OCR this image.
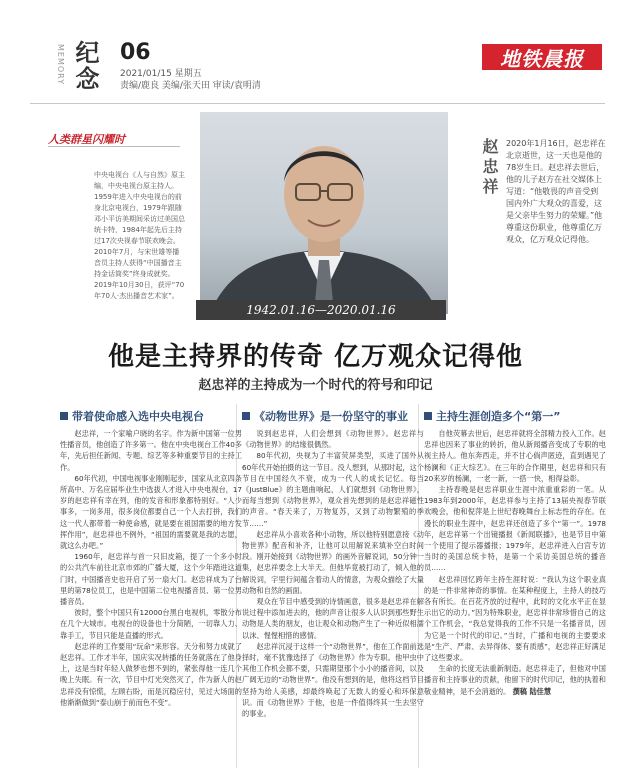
MEMORY 纪念 06
2021/01/15 星期五
责编/鹿良 美编/张天田 审读/袁明清
地铁晨报
人类群星闪耀时
中央电视台《人与自然》原主编，中央电视台原主持人。1959年进入中央电视台的前身北京电视台，1979年跟随邓小平访美期间采访过美国总统卡特，1984年起先后主持过17次央视春节联欢晚会。2010年7月，与宋世雄等播音员主持人获得“中国播音主持金话筒奖”终身成就奖。2019年10月30日，获评“70年70人·杰出播音艺术家”。
1942.01.16—2020.01.16
赵忠祥 2020年1月16日，赵忠祥在北京逝世，这一天也是他的78岁生日。赵忠祥去世后，他的儿子赵方在社交媒体上写道：“他敬畏的声音受到国内外广大观众的喜爱，这是父亲毕生努力的荣耀。”他尊重这份职业，他尊重亿万观众，亿万观众记得他。
他是主持界的传奇 亿万观众记得他
赵忠祥的主持成为一个时代的符号和印记
带着使命感入选中央电视台

赵忠祥，一个家喻户晓的名字。作为新中国第一位男性播音员，他创造了许多第一。他在中央电视台工作40多年，先后担任新闻、专题、综艺等多种重要节目的主持工作。

60年代初，中国电视事业刚刚起步，国家从北京四条所高中、万名应届毕业生中选拔人才进入中央电视台，17岁的赵忠祥有幸在列，他的发音和形象都特别好。“人少事多，一岗多用，很多岗位都要自己一个人去打拼，我们这一代人都带着一种使命感，就是要在祖国需要的地方发挥作用”，赵忠祥也不例外，“祖国的需要就是我的志愿，就这么办吧。”

1960年，赵忠祥与首一只旧皮箱，提了一个多小时的公共汽车前往北京市郊的广播大厦，这个少年踏进这道门时，中国播音史也开启了另一扇大门。赵忠祥成为了台里的第78位员工，也是中国第二位电视播音员、第一位男播音员。

彼时，整个中国只有12000台黑白电视机，零散分布在几个大城市。电视台的设备也十分简陋，一切靠人力、靠手工，节目只能是直播的形式。

赵忠祥的工作要用“玩命”来形容。天分和努力成就了赵忠祥。工作才半年，国庆实况转播的任务就落在了他身上，这是当时年轻人做梦也想不到的，紧张得他一连几个晚上失眠。有一次，节目中灯光突然灭了，作为新人的赵忠祥没有惊慌，左顾右盼，而是沉稳应付，见过大场面的他渐渐做到“泰山崩于前而色不变”。

《动物世界》是一份坚守的事业

说到赵忠祥，人们会想到《动物世界》。赵忠祥与《动物世界》的结缘很偶然。

80年代初，央视为了丰富荧屏类型，买进了国外从60年代开始拍摄的这一节目。没人想到，从那时起，这个节目在中国经久不衰，成为一代人的成长记忆。每当《JustBlue》的主题曲响起，人们就想到《动物世界》，而每当想到《动物世界》，观众首先想到的是赵忠祥磁性的声音。“春天来了，万物复苏，又到了动物繁殖的季节……”

赵忠祥从小喜欢各种小动物，所以他特别愿意接《动物世界》配音和补齐，让他可以用解说来填补空白时间段。刚开始接到《动物世界》的画外音解说词，50分钟一集，赵忠祥要念上大半天。但他毕竟被打动了，倾入他的解说词，字里行间蕴含着动人的情意，为观众描绘了大量动物和自然的画面。

观众在节目中感受到的诗情画意，很多是赵忠祥在解说过程中添加进去的，他的声音让很多人认识到那些野生动物是人类的朋友，也让观众和动物产生了一种近似相濡以沫、惺惺相惜的感情。

赵忠祥沉浸于这样一个“动物世界”，他在工作面前选择时，毫不犹豫选择了《动物世界》作为专职。他甲虫中其他工作机会都不要，只需期望那个小小的播音间，以及广阔无边的“动物世界”。他没有想到的是，他将这档节目坚持为给人美感，却最终唤起了无数人的爱心和环保意识。而《动物世界》于他，也是一件值得终其一生去坚守的事业。

主持生涯创造多个“第一”

自他荧幕去世后，赵忠祥就将全部精力投入工作。赵忠祥也因来了事业的转折，他从新闻播音变成了专职的电视主持人。他东奔西走，并不甘心倘声匿迹，直到遇见了杨澜和《正大综艺》。在三年的合作期里，赵忠祥和只有20来岁的杨澜，一老一新，一搭一快，相得益彰。

主持春晚是赵忠祥职业生涯中浓重重彩的一笔。从1983年到2000年，赵忠祥参与主持了13届央视春节联欢晚会，他和倪萍是上世纪春晚舞台上标志性的存在。在漫长的职业生涯中，赵忠祥还创造了多个“第一”。1978年，赵忠祥第一个出镜播报《新闻联播》，也是节目中第一个使用了提示器播报；1979年，赵忠祥进入白宫专访当时的美国总统卡特，是第一个采访美国总统的播音员……

赵忠祥回忆跨年主持生涯时说：“我认为这个职业真的是一件非常神奇的事情。在某种程度上，主持人的技巧各有所长。在百花齐放的过程中，此时的文化水平正在显示出它的动力。”因为特殊职业，赵忠祥非常珍惜自己的这个工作机会，“我总觉得我的工作不只是一名播音员，因为它是一个时代的印记。”当时，广播和电视的主要要求是“生产、严肃、去异得体、要有质感”，赵忠祥正好满足了这些要求。

生命的长度无法重新制造。赵忠祥走了，但他对中国播音和主持事业的贡献，他留下的时代印记，他的执着和敬业精神，是不会消逝的。 撰稿 陆佳慧
